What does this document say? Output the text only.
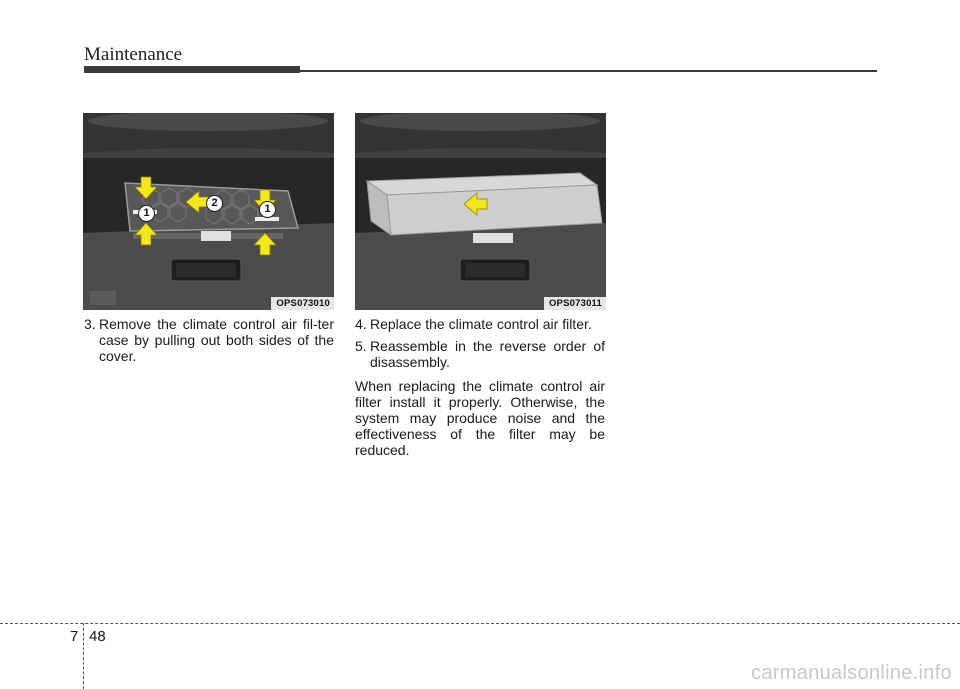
Maintenance
1
2	1
OPS073010	OPS073011
3. Remove the climate control air fil-ter case by pulling out both sides of the cover.
4. Replace the climate control air filter.
5. Reassemble in the reverse order of disassembly.

When replacing the climate control air filter install it properly. Otherwise, the system may produce noise and the effectiveness of the filter may be reduced.

7 48
carmanualsonline.info
